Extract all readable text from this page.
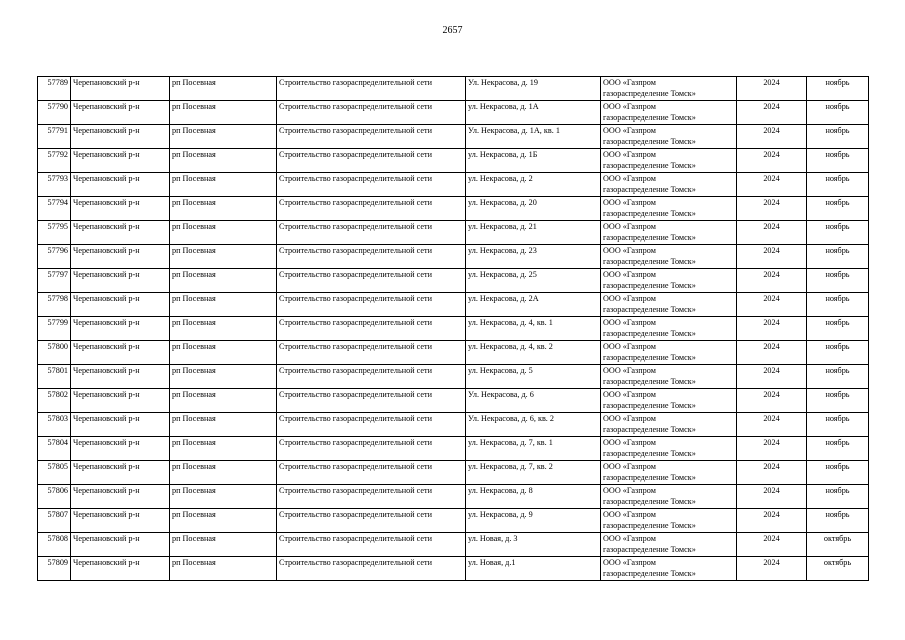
2657
57789	Черепановский р-н	рп Посевная	Строительство газораспределительной сети	Ул. Некрасова, д. 19	ООО «Газпром
газораспределение Томск»	2024	ноябрь
57790	Черепановский р-н	рп Посевная	Строительство газораспределительной сети	ул. Некрасова, д. 1А	ООО «Газпром
газораспределение Томск»	2024	ноябрь
57791	Черепановский р-н	рп Посевная	Строительство газораспределительной сети	Ул. Некрасова, д. 1А, кв. 1	ООО «Газпром
газораспределение Томск»	2024	ноябрь
57792	Черепановский р-н	рп Посевная	Строительство газораспределительной сети	ул. Некрасова, д. 1Б	ООО «Газпром
газораспределение Томск»	2024	ноябрь
57793	Черепановский р-н	рп Посевная	Строительство газораспределительной сети	ул. Некрасова, д. 2	ООО «Газпром
газораспределение Томск»	2024	ноябрь
57794	Черепановский р-н	рп Посевная	Строительство газораспределительной сети	ул. Некрасова, д. 20	ООО «Газпром
газораспределение Томск»	2024	ноябрь
57795	Черепановский р-н	рп Посевная	Строительство газораспределительной сети	ул. Некрасова, д. 21	ООО «Газпром
газораспределение Томск»	2024	ноябрь
57796	Черепановский р-н	рп Посевная	Строительство газораспределительной сети	ул. Некрасова, д. 23	ООО «Газпром
газораспределение Томск»	2024	ноябрь
57797	Черепановский р-н	рп Посевная	Строительство газораспределительной сети	ул. Некрасова, д. 25	ООО «Газпром
газораспределение Томск»	2024	ноябрь
57798	Черепановский р-н	рп Посевная	Строительство газораспределительной сети	ул. Некрасова, д. 2А	ООО «Газпром
газораспределение Томск»	2024	ноябрь
57799	Черепановский р-н	рп Посевная	Строительство газораспределительной сети	ул. Некрасова, д. 4, кв. 1	ООО «Газпром
газораспределение Томск»	2024	ноябрь
57800	Черепановский р-н	рп Посевная	Строительство газораспределительной сети	ул. Некрасова, д. 4, кв. 2	ООО «Газпром
газораспределение Томск»	2024	ноябрь
57801	Черепановский р-н	рп Посевная	Строительство газораспределительной сети	ул. Некрасова, д. 5	ООО «Газпром
газораспределение Томск»	2024	ноябрь
57802	Черепановский р-н	рп Посевная	Строительство газораспределительной сети	Ул. Некрасова, д. 6	ООО «Газпром
газораспределение Томск»	2024	ноябрь
57803	Черепановский р-н	рп Посевная	Строительство газораспределительной сети	Ул. Некрасова, д. 6, кв. 2	ООО «Газпром
газораспределение Томск»	2024	ноябрь
57804	Черепановский р-н	рп Посевная	Строительство газораспределительной сети	ул. Некрасова, д. 7, кв. 1	ООО «Газпром
газораспределение Томск»	2024	ноябрь
57805	Черепановский р-н	рп Посевная	Строительство газораспределительной сети	ул. Некрасова, д. 7, кв. 2	ООО «Газпром
газораспределение Томск»	2024	ноябрь
57806	Черепановский р-н	рп Посевная	Строительство газораспределительной сети	ул. Некрасова, д. 8	ООО «Газпром
газораспределение Томск»	2024	ноябрь
57807	Черепановский р-н	рп Посевная	Строительство газораспределительной сети	ул. Некрасова, д. 9	ООО «Газпром
газораспределение Томск»	2024	ноябрь
57808	Черепановский р-н	рп Посевная	Строительство газораспределительной сети	ул. Новая, д. 3	ООО «Газпром
газораспределение Томск»	2024	октябрь
57809	Черепановский р-н	рп Посевная	Строительство газораспределительной сети	ул. Новая, д.1	ООО «Газпром
газораспределение Томск»	2024	октябрь
